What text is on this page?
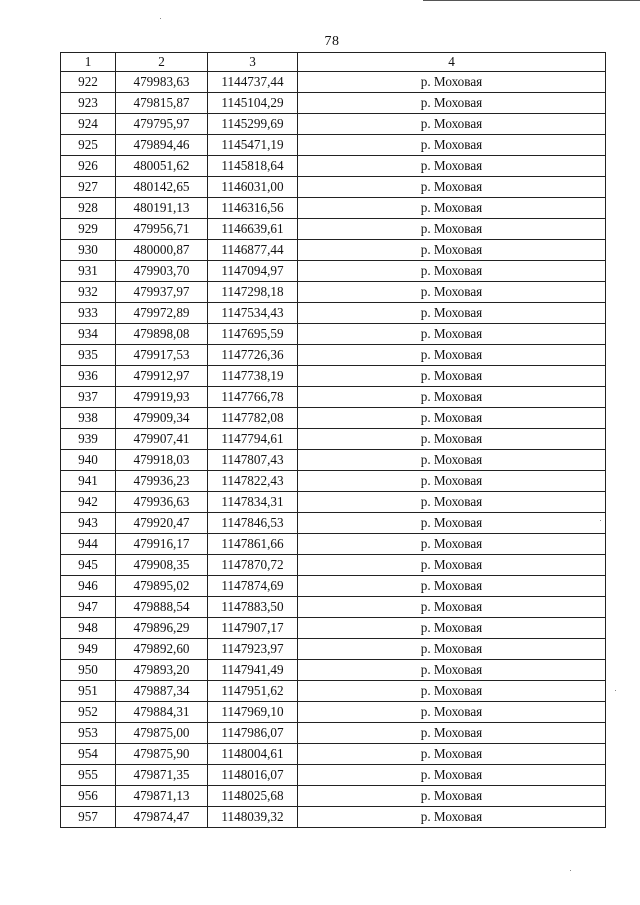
78
1	2	3	4
922	479983,63	1144737,44	р. Моховая
923	479815,87	1145104,29	р. Моховая
924	479795,97	1145299,69	р. Моховая
925	479894,46	1145471,19	р. Моховая
926	480051,62	1145818,64	р. Моховая
927	480142,65	1146031,00	р. Моховая
928	480191,13	1146316,56	р. Моховая
929	479956,71	1146639,61	р. Моховая
930	480000,87	1146877,44	р. Моховая
931	479903,70	1147094,97	р. Моховая
932	479937,97	1147298,18	р. Моховая
933	479972,89	1147534,43	р. Моховая
934	479898,08	1147695,59	р. Моховая
935	479917,53	1147726,36	р. Моховая
936	479912,97	1147738,19	р. Моховая
937	479919,93	1147766,78	р. Моховая
938	479909,34	1147782,08	р. Моховая
939	479907,41	1147794,61	р. Моховая
940	479918,03	1147807,43	р. Моховая
941	479936,23	1147822,43	р. Моховая
942	479936,63	1147834,31	р. Моховая
943	479920,47	1147846,53	р. Моховая
944	479916,17	1147861,66	р. Моховая
945	479908,35	1147870,72	р. Моховая
946	479895,02	1147874,69	р. Моховая
947	479888,54	1147883,50	р. Моховая
948	479896,29	1147907,17	р. Моховая
949	479892,60	1147923,97	р. Моховая
950	479893,20	1147941,49	р. Моховая
951	479887,34	1147951,62	р. Моховая
952	479884,31	1147969,10	р. Моховая
953	479875,00	1147986,07	р. Моховая
954	479875,90	1148004,61	р. Моховая
955	479871,35	1148016,07	р. Моховая
956	479871,13	1148025,68	р. Моховая
957	479874,47	1148039,32	р. Моховая
